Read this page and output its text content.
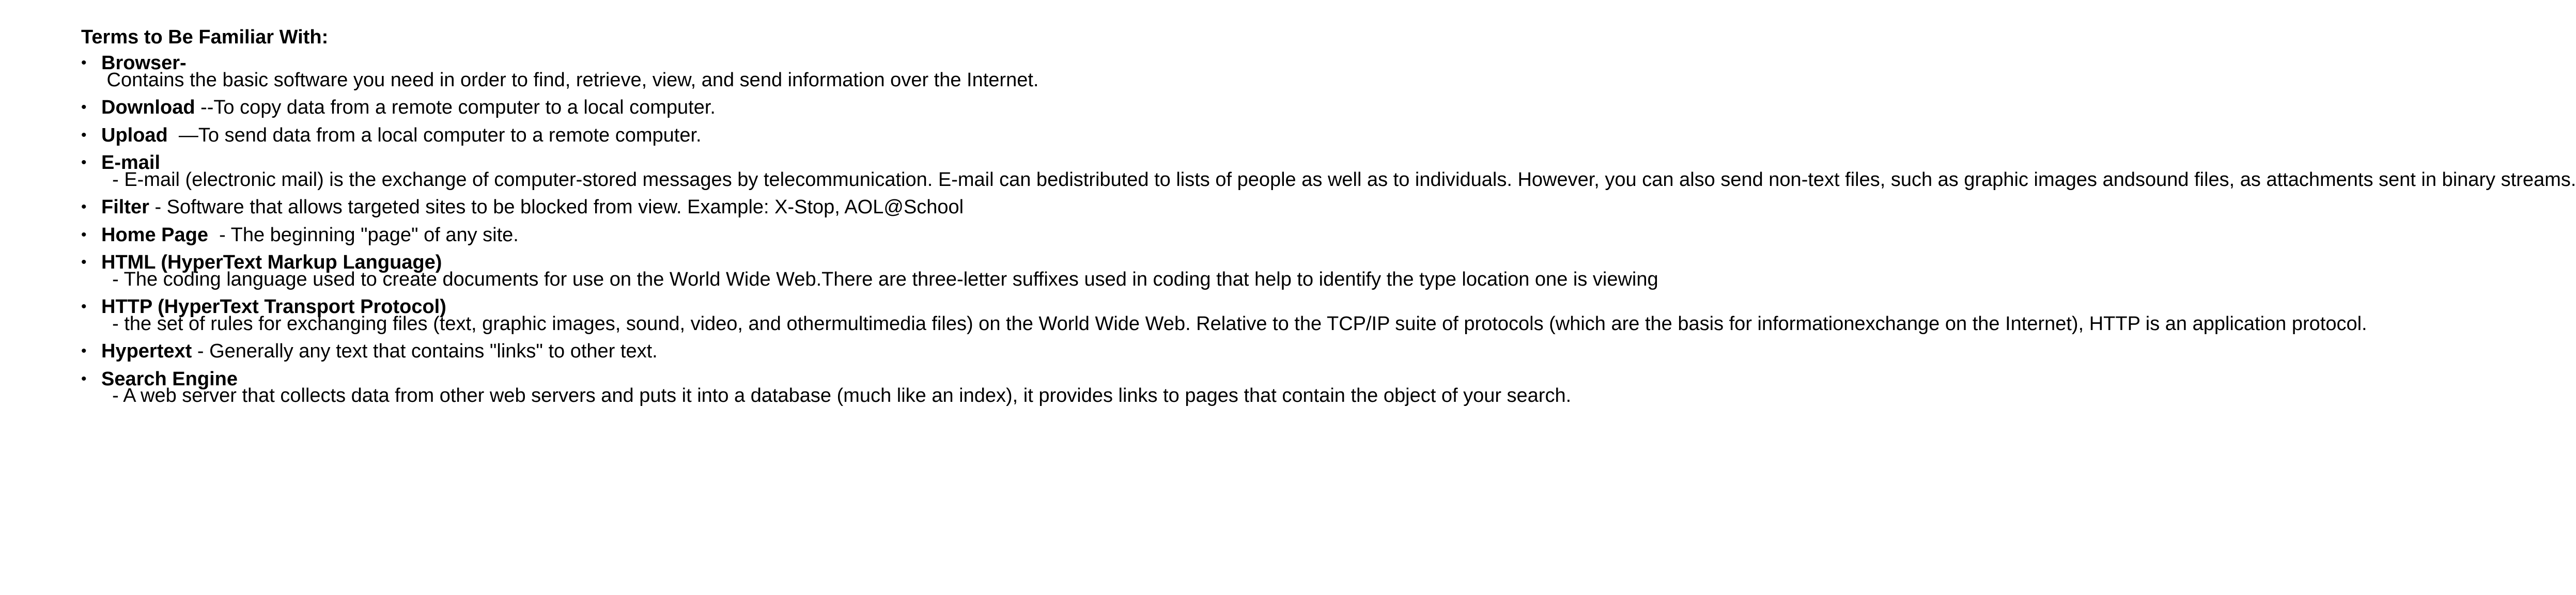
Terms to Be Familiar With:
• Browser- Contains the basic software you need in order to find, retrieve, view, and send information over the Internet.
• Download --To copy data from a remote computer to a local computer.
• Upload  —To send data from a local computer to a remote computer.
• E-mail  - E-mail (electronic mail) is the exchange of computer-stored messages by telecommunication. E-mail can bedistributed to lists of people as well as to individuals. However, you can also send non-text files, such as graphic images andsound files, as attachments sent in binary streams.
• Filter - Software that allows targeted sites to be blocked from view. Example: X-Stop, AOL@School
• Home Page  - The beginning "page" of any site.
• HTML (HyperText Markup Language)  - The coding language used to create documents for use on the World Wide Web.There are three-letter suffixes used in coding that help to identify the type location one is viewing
• HTTP (HyperText Transport Protocol)  - the set of rules for exchanging files (text, graphic images, sound, video, and othermultimedia files) on the World Wide Web. Relative to the TCP/IP suite of protocols (which are the basis for informationexchange on the Internet), HTTP is an application protocol.
• Hypertext - Generally any text that contains "links" to other text.
• Search Engine  - A web server that collects data from other web servers and puts it into a database (much like an index), it provides links to pages that contain the object of your search.
